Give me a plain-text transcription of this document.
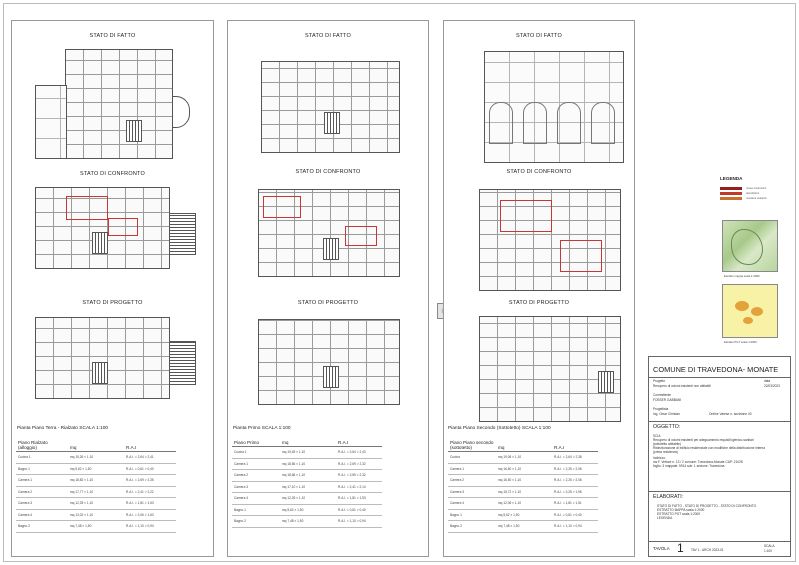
STATO DI FATTO
STATO DI CONFRONTO
STATO DI PROGETTO
Pianta Piano Terra - Rialzato SCALA 1:100
Piano Rialzato (alloggio)	mq	R.A.I
Cucina 1	mq 19,26 × 1,10	R.A.I. = 2,64 > 2,41
Bagno 1	mq 5,62 × 1,50	R.A.I. = 0,61 > 0,40
Camera 1	mq 18,82 × 1,10	R.A.I. = 2,69 > 2,35
Camera 2	mq 17,77 × 1,10	R.A.I. = 2,41 > 2,22
Camera 3	mq 12,25 × 1,10	R.A.I. = 1,81 > 1,53
Camera 4	mq 13,02 × 1,10	R.A.I. = 2,06 > 1,63
Bagno 2	mq 7,48 × 1,50	R.A.I. = 1,10 > 0,94
STATO DI FATTO
STATO DI CONFRONTO
STATO DI PROGETTO
Pianta Primo SCALA 1:100
Piano Primo	mq	R.A.I
Cucina 1	mq 19,45 × 1,10	R.A.I. = 2,64 > 2,43
Camera 1	mq 18,56 × 1,10	R.A.I. = 2,69 > 2,32
Camera 2	mq 18,56 × 1,10	R.A.I. = 2,69 > 2,32
Camera 3	mq 17,10 × 1,10	R.A.I. = 2,41 > 2,14
Camera 4	mq 12,25 × 1,10	R.A.I. = 1,81 > 1,53
Bagno 1	mq 5,62 × 1,50	R.A.I. = 0,61 > 0,40
Bagno 2	mq 7,48 × 1,50	R.A.I. = 1,10 > 0,94
STATO DI FATTO
STATO DI CONFRONTO
STATO DI PROGETTO
Pianta Piano Secondo (Sottotetto) SCALA 1:100
Piano Piano secondo (sottotetto)	mq	R.A.I
Cucina	mq 19,06 × 1,10	R.A.I. = 2,64 > 2,38
Camera 1	mq 16,50 × 1,10	R.A.I. = 2,25 > 2,06
Camera 2	mq 16,50 × 1,10	R.A.I. = 2,25 > 2,06
Camera 3	mq 15,72 × 1,10	R.A.I. = 2,25 > 1,96
Camera 4	mq 12,06 × 1,10	R.A.I. = 1,81 > 1,51
Bagno 1	mq 5,62 × 1,50	R.A.I. = 0,61 > 0,40
Bagno 2	mq 7,48 × 1,50	R.A.I. = 1,10 > 0,94
LEGENDA
nuove costruzioni
demolizioni
murature esistenti
Estratto mappa scala 1:2000
Estratto PGT scala 1:2000
COMUNE DI TRAVEDONA- MONATE
Progetto
Recupero di volumi esistenti non abitabili
data
22/03/2023
Committente
FOSSER GABBANI
Progettista
Ing. Omar Christan	Ordine Varese n. iscrizione 40
OGGETTO:
SCIA
Recupero di volumi esistenti per adeguamento requisiti igienico-sanitari
(sottotetto abitabile)
Ristrutturazione di edificio residenziale con modifiche della distribuzione interna
(prima residenza)
Indirizzo:
via F. Vettore n. 13 / 2 comune: Travedona-Monate CAP: 21028
foglio: 3 mappale: 5914 sub: 1 sezione: Travedona
ELABORATI:
STATO DI FATTO - STATO DI PROGETTO - STATO DI CONFRONTO
ESTRATTO MAPPA scala 1:2000
ESTRATTO PGT scala 1:2000
LEGENDA
TAVOLA 1 TAV 1 - ARCH 2023-01
SCALA
1:100
